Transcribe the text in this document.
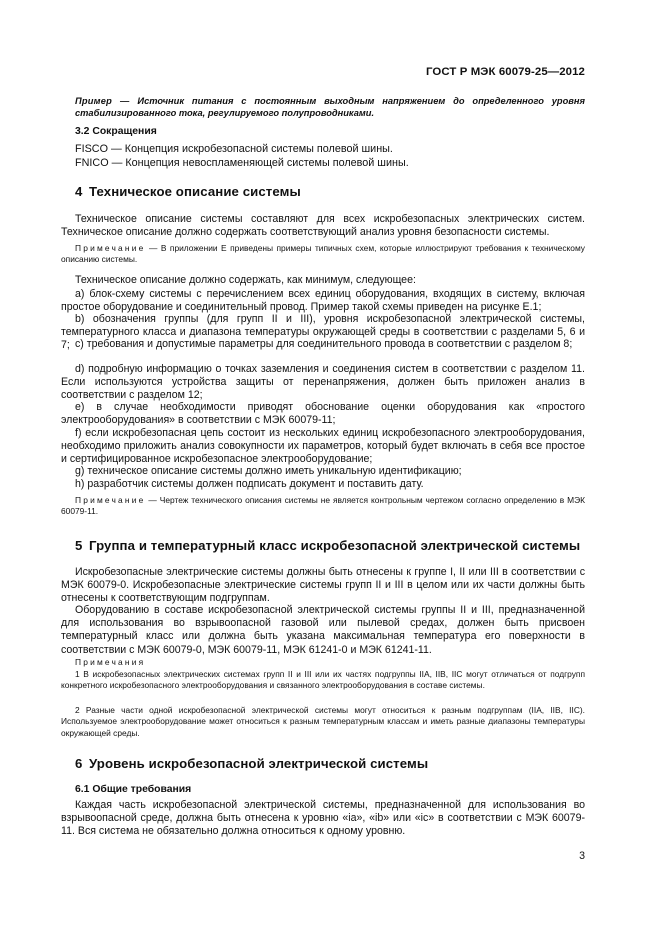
ГОСТ Р МЭК 60079-25—2012
Пример — Источник питания с постоянным выходным напряжением до определенного уровня стабилизированного тока, регулируемого полупроводниками.
3.2 Сокращения
FISCO — Концепция искробезопасной системы полевой шины.
FNICO — Концепция невоспламеняющей системы полевой шины.
4 Техническое описание системы
Техническое описание системы составляют для всех искробезопасных электрических систем. Техническое описание должно содержать соответствующий анализ уровня безопасности системы.
Примечание — В приложении Е приведены примеры типичных схем, которые иллюстрируют требования к техническому описанию системы.
Техническое описание должно содержать, как минимум, следующее:
a) блок-схему системы с перечислением всех единиц оборудования, входящих в систему, включая простое оборудование и соединительный провод. Пример такой схемы приведен на рисунке Е.1;
b) обозначения группы (для групп II и III), уровня искробезопасной электрической системы, температурного класса и диапазона температуры окружающей среды в соответствии с разделами 5, 6 и 7; c) требования и допустимые параметры для соединительного провода в соответствии с разделом 8;
d) подробную информацию о точках заземления и соединения систем в соответствии с разделом 11. Если используются устройства защиты от перенапряжения, должен быть приложен анализ в соответствии с разделом 12;
e) в случае необходимости приводят обоснование оценки оборудования как «простого электрооборудования» в соответствии с МЭК 60079-11;
f) если искробезопасная цепь состоит из нескольких единиц искробезопасного электрооборудования, необходимо приложить анализ совокупности их параметров, который будет включать в себя все простое и сертифицированное искробезопасное электрооборудование;
g) техническое описание системы должно иметь уникальную идентификацию;
h) разработчик системы должен подписать документ и поставить дату.
Примечание — Чертеж технического описания системы не является контрольным чертежом согласно определению в МЭК 60079-11.
5 Группа и температурный класс искробезопасной электрической системы
Искробезопасные электрические системы должны быть отнесены к группе I, II или III в соответствии с МЭК 60079-0. Искробезопасные электрические системы групп II и III в целом или их части должны быть отнесены к соответствующим подгруппам.
Оборудованию в составе искробезопасной электрической системы группы II и III, предназначенной для использования во взрывоопасной газовой или пылевой средах, должен быть присвоен температурный класс или должна быть указана максимальная температура его поверхности в соответствии с МЭК 60079-0, МЭК 60079-11, МЭК 61241-0 и МЭК 61241-11.
Примечания
1 В искробезопасных электрических системах групп II и III или их частях подгруппы IIA, IIB, IIC могут отличаться от подгрупп конкретного искробезопасного электрооборудования и связанного электрооборудования в составе системы.
2 Разные части одной искробезопасной электрической системы могут относиться к разным подгруппам (IIA, IIB, IIC). Используемое электрооборудование может относиться к разным температурным классам и иметь разные диапазоны температуры окружающей среды.
6 Уровень искробезопасной электрической системы
6.1 Общие требования
Каждая часть искробезопасной электрической системы, предназначенной для использования во взрывоопасной среде, должна быть отнесена к уровню «ia», «ib» или «ic» в соответствии с МЭК 60079-11. Вся система не обязательно должна относиться к одному уровню.
3
